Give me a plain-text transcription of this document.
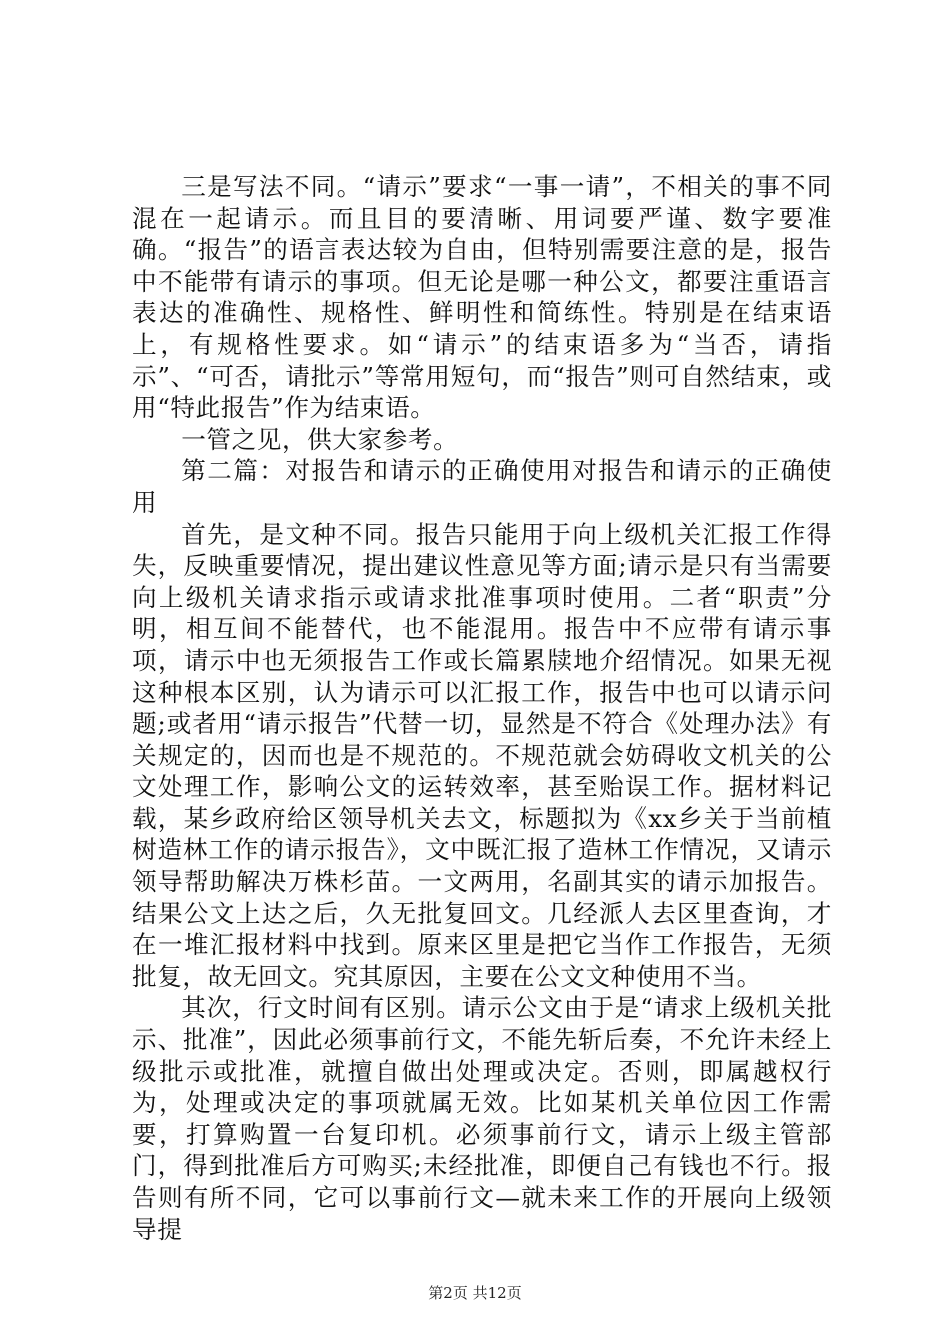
三是写法不同。“请示”要求“一事一请”，不相关的事不同混在一起请示。而且目的要清晰、用词要严谨、数字要准确。“报告”的语言表达较为自由，但特别需要注意的是，报告中不能带有请示的事项。但无论是哪一种公文，都要注重语言表达的准确性、规格性、鲜明性和简练性。特别是在结束语上，有规格性要求。如“请示”的结束语多为“当否，请指示”、“可否，请批示”等常用短句，而“报告”则可自然结束，或用“特此报告”作为结束语。

一管之见，供大家参考。

第二篇：对报告和请示的正确使用对报告和请示的正确使用

首先，是文种不同。报告只能用于向上级机关汇报工作得失，反映重要情况，提出建议性意见等方面;请示是只有当需要向上级机关请求指示或请求批准事项时使用。二者“职责”分明，相互间不能替代，也不能混用。报告中不应带有请示事项，请示中也无须报告工作或长篇累牍地介绍情况。如果无视这种根本区别，认为请示可以汇报工作，报告中也可以请示问题;或者用“请示报告”代替一切，显然是不符合《处理办法》有关规定的，因而也是不规范的。不规范就会妨碍收文机关的公文处理工作，影响公文的运转效率，甚至贻误工作。据材料记载，某乡政府给区领导机关去文，标题拟为《xx乡关于当前植树造林工作的请示报告》，文中既汇报了造林工作情况，又请示领导帮助解决万株杉苗。一文两用，名副其实的请示加报告。结果公文上达之后，久无批复回文。几经派人去区里查询，才在一堆汇报材料中找到。原来区里是把它当作工作报告，无须批复，故无回文。究其原因，主要在公文文种使用不当。

其次，行文时间有区别。请示公文由于是“请求上级机关批示、批准”，因此必须事前行文，不能先斩后奏，不允许未经上级批示或批准，就擅自做出处理或决定。否则，即属越权行为，处理或决定的事项就属无效。比如某机关单位因工作需要，打算购置一台复印机。必须事前行文，请示上级主管部门，得到批准后方可购买;未经批准，即便自己有钱也不行。报告则有所不同，它可以事前行文—就未来工作的开展向上级领导提

第2页 共12页
